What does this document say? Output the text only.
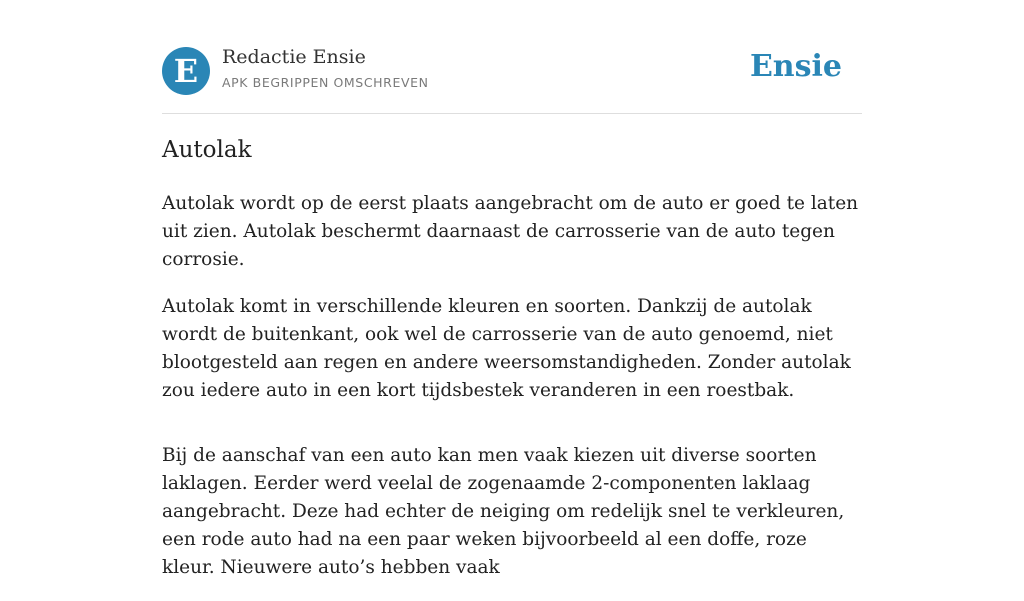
E	Redactie Ensie
APK BEGRIPPEN OMSCHREVEN	Ensie
Autolak

Autolak wordt op de eerst plaats aangebracht om de auto er goed te laten uit zien. Autolak beschermt daarnaast de carrosserie van de auto tegen corrosie.

Autolak komt in verschillende kleuren en soorten. Dankzij de autolak wordt de buitenkant, ook wel de carrosserie van de auto genoemd, niet blootgesteld aan regen en andere weersomstandigheden. Zonder autolak zou iedere auto in een kort tijdsbestek veranderen in een roestbak.

Bij de aanschaf van een auto kan men vaak kiezen uit diverse soorten laklagen. Eerder werd veelal de zogenaamde 2-componenten laklaag aangebracht. Deze had echter de neiging om redelijk snel te verkleuren, een rode auto had na een paar weken bijvoorbeeld al een doffe, roze kleur. Nieuwere auto’s hebben vaak
